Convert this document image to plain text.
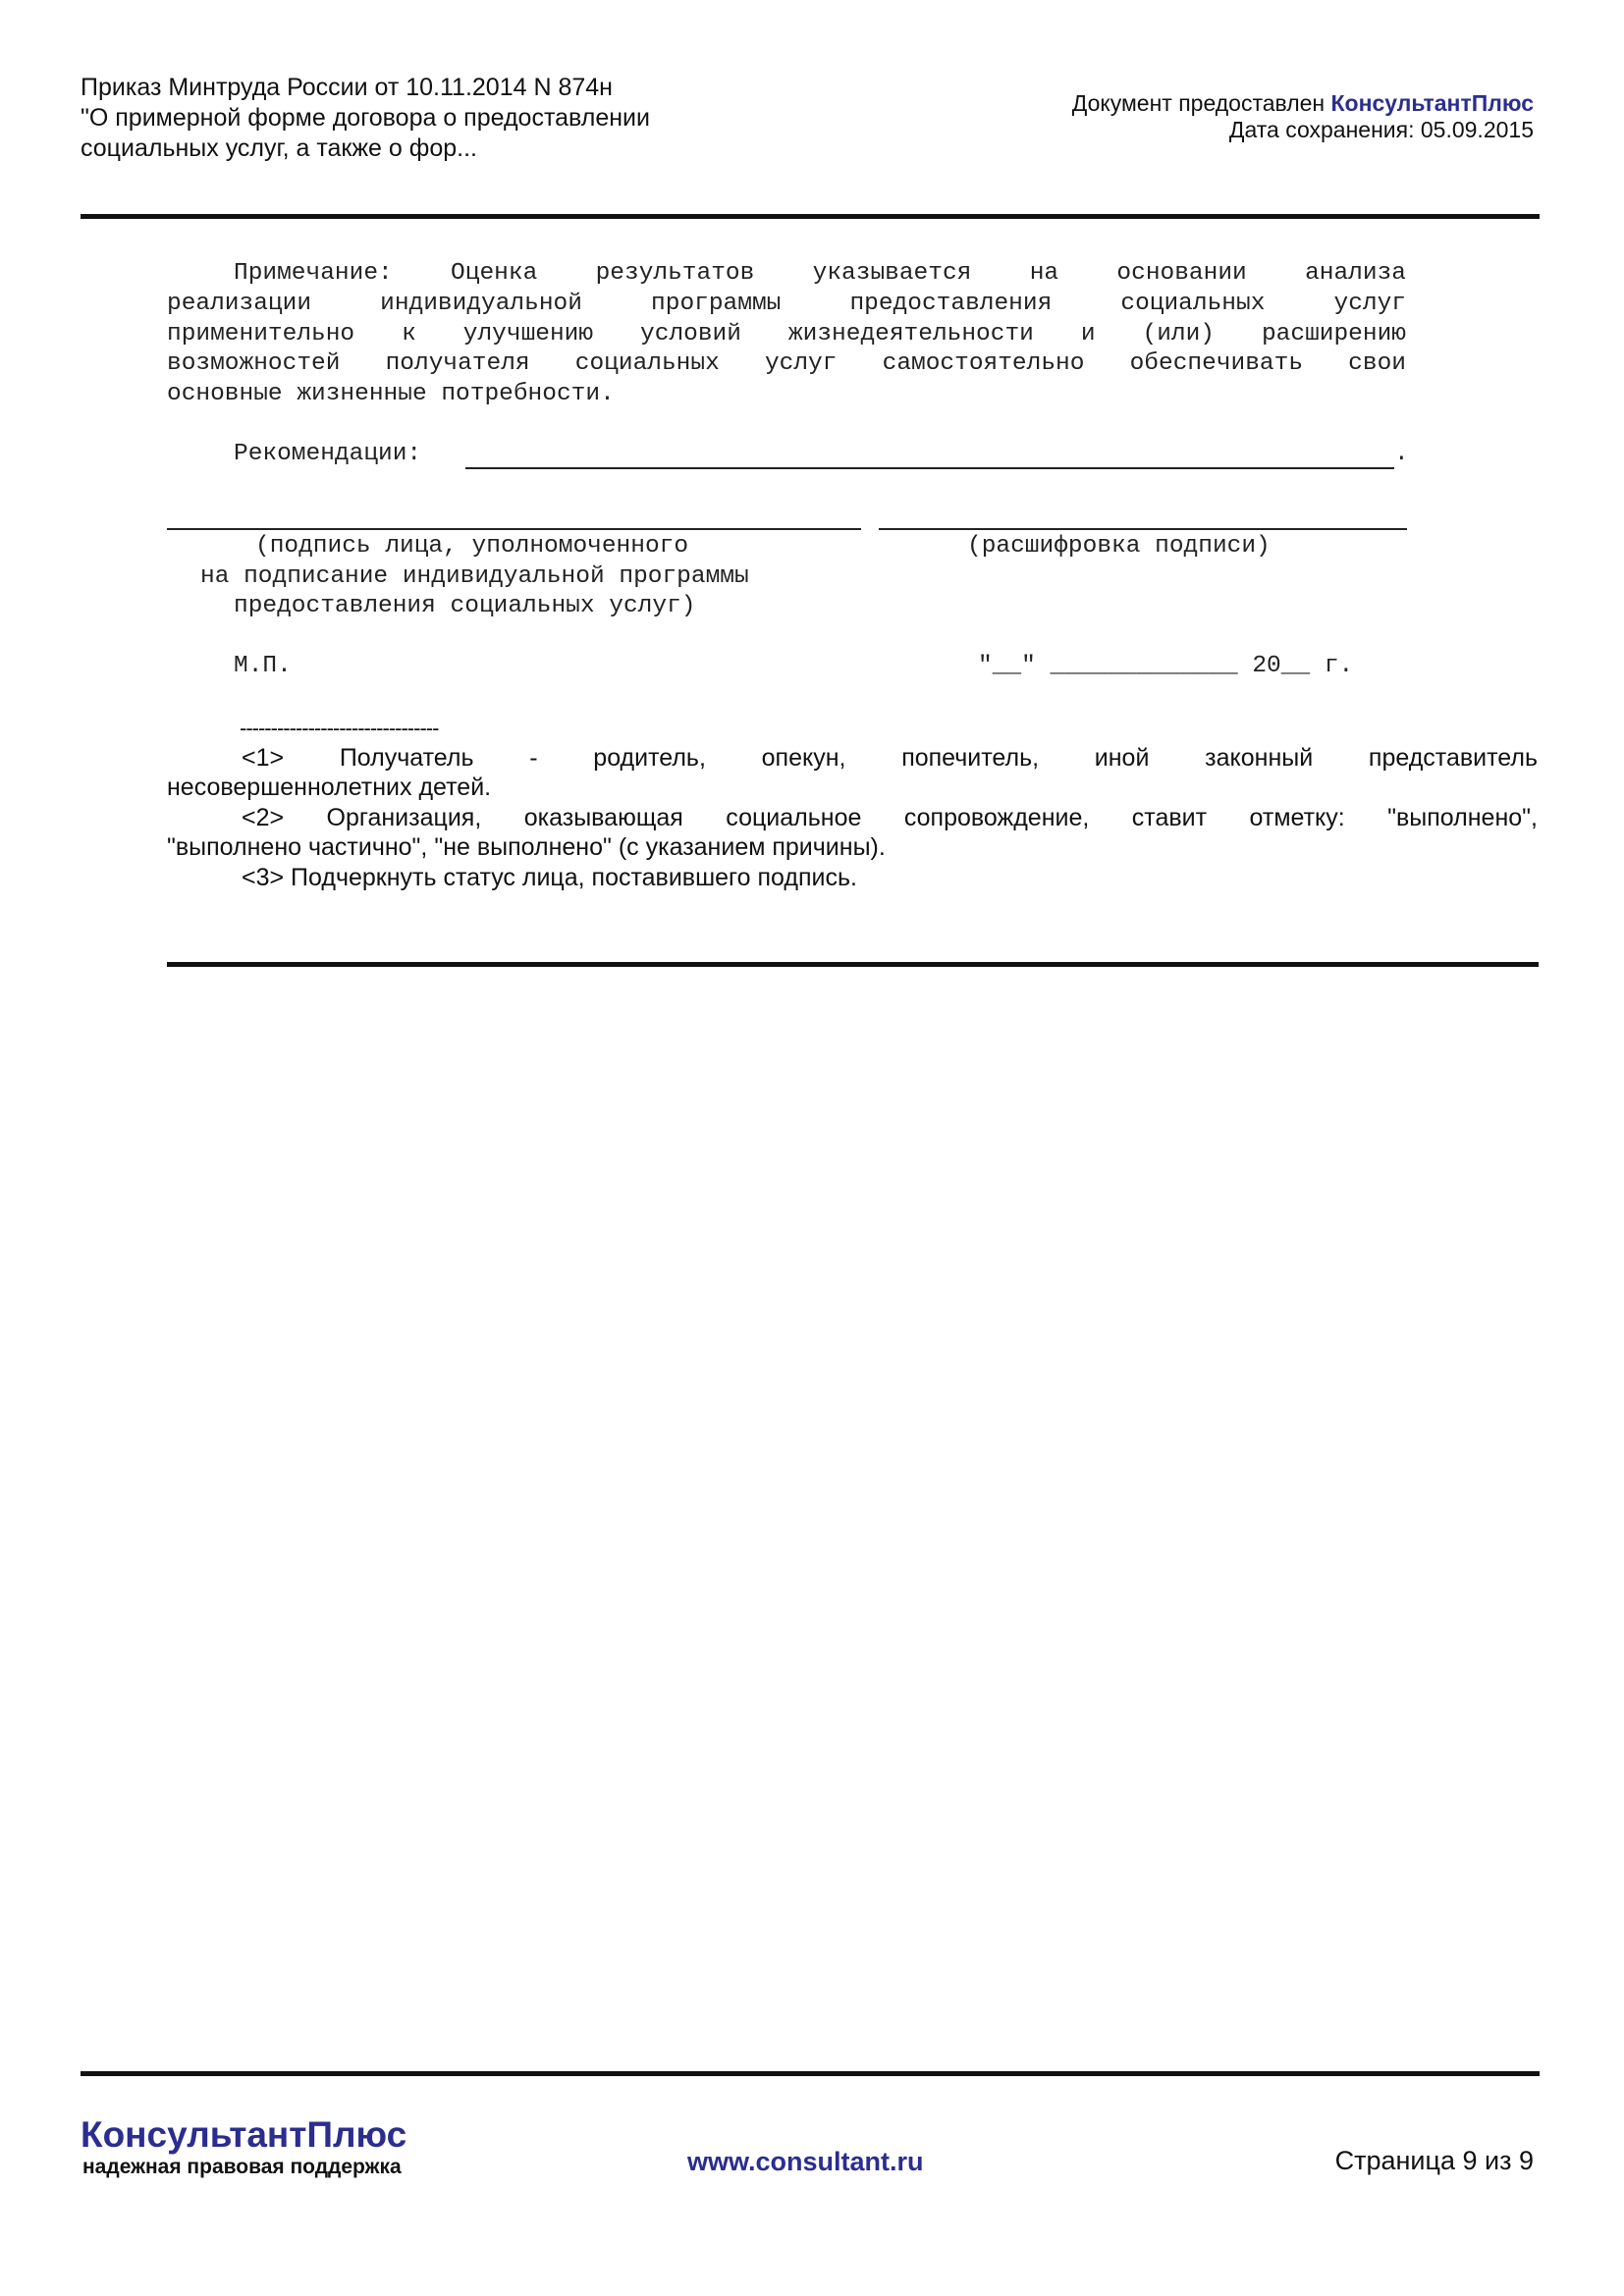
Приказ Минтруда России от 10.11.2014 N 874н
"О примерной форме договора о предоставлении
социальных услуг, а также о фор...
Документ предоставлен КонсультантПлюс
Дата сохранения: 05.09.2015
Примечание: Оценка результатов указывается на основании анализа
реализации индивидуальной программы предоставления социальных услуг
применительно к улучшению условий жизнедеятельности и (или) расширению
возможностей получателя социальных услуг самостоятельно обеспечивать свои
основные жизненные потребности.
Рекомендации:	.
(подпись лица, уполномоченного
на подписание индивидуальной программы
предоставления социальных услуг)
(расшифровка подписи)
М.П.	"__" _____________ 20__ г.
--------------------------------
<1> Получатель - родитель, опекун, попечитель, иной законный представитель
несовершеннолетних детей.
<2> Организация, оказывающая социальное сопровождение, ставит отметку: "выполнено",
"выполнено частично", "не выполнено" (с указанием причины).
<3> Подчеркнуть статус лица, поставившего подпись.
КонсультантПлюс
надежная правовая поддержка	www.consultant.ru	Страница 9 из 9
